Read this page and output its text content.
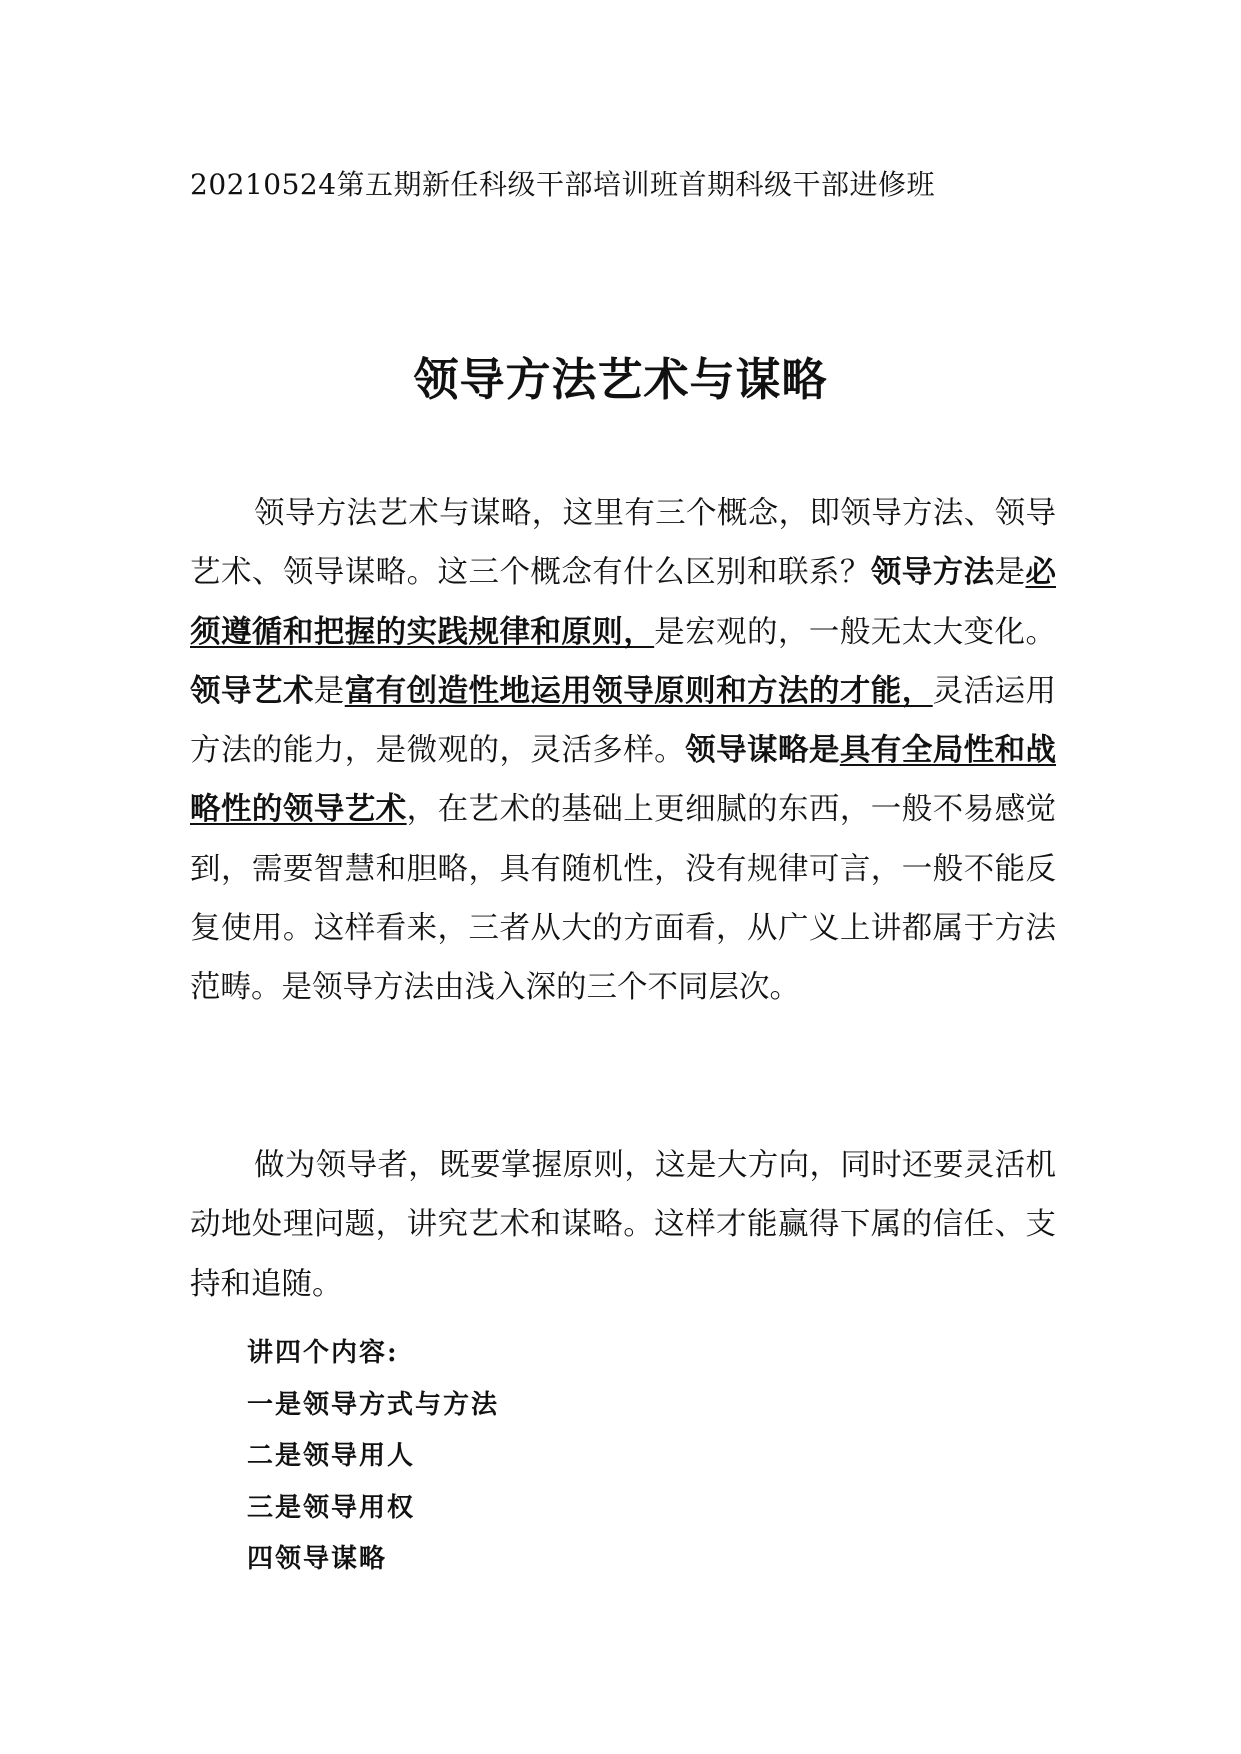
20210524第五期新任科级干部培训班首期科级干部进修班
领导方法艺术与谋略

领导方法艺术与谋略，这里有三个概念，即领导方法、领导艺术、领导谋略。这三个概念有什么区别和联系？领导方法是必须遵循和把握的实践规律和原则，是宏观的，一般无太大变化。领导艺术是富有创造性地运用领导原则和方法的才能，灵活运用方法的能力，是微观的，灵活多样。领导谋略是具有全局性和战略性的领导艺术，在艺术的基础上更细腻的东西，一般不易感觉到，需要智慧和胆略，具有随机性，没有规律可言，一般不能反复使用。这样看来，三者从大的方面看，从广义上讲都属于方法范畴。是领导方法由浅入深的三个不同层次。

做为领导者，既要掌握原则，这是大方向，同时还要灵活机动地处理问题，讲究艺术和谋略。这样才能赢得下属的信任、支持和追随。

讲四个内容:
一是领导方式与方法
二是领导用人
三是领导用权
四领导谋略
